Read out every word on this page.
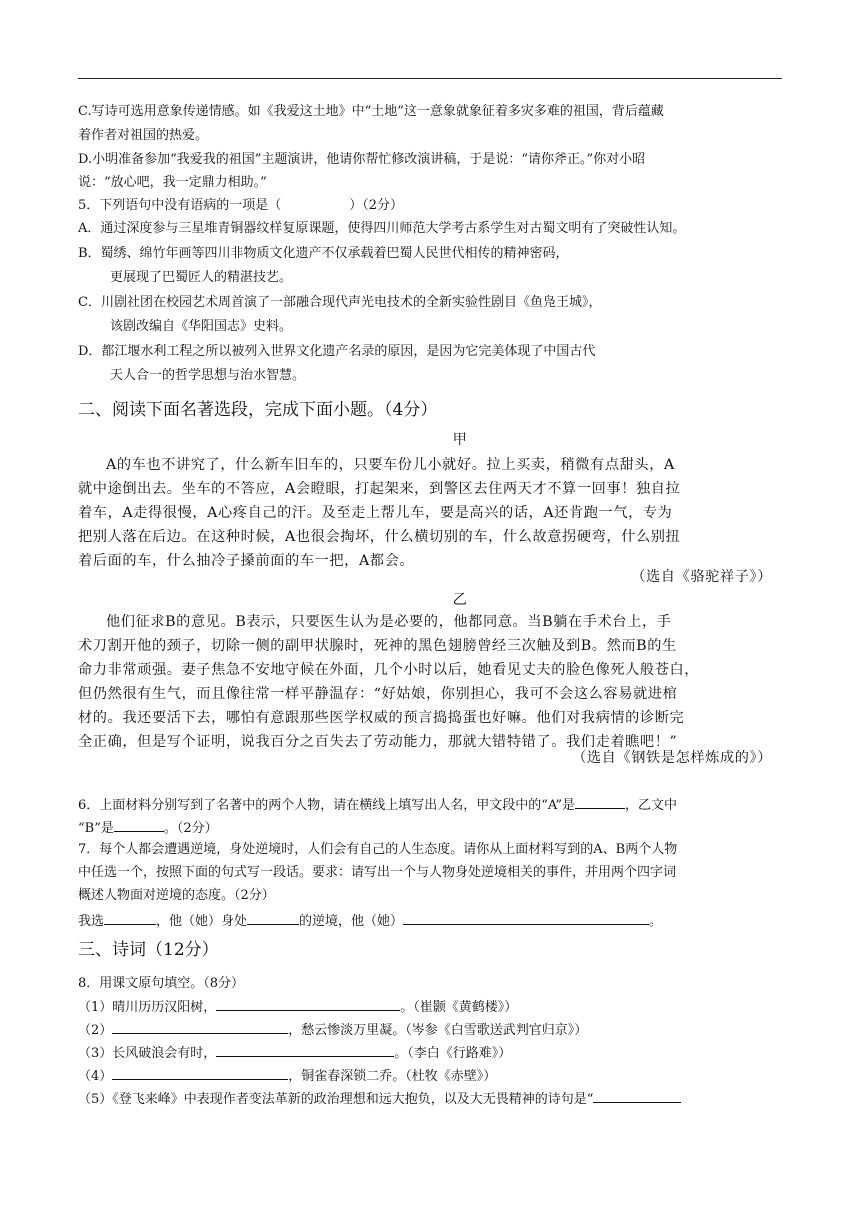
C.写诗可选用意象传递情感。如《我爱这土地》中“土地”这一意象就象征着多灾多难的祖国，背后蕴藏
着作者对祖国的热爱。
D.小明准备参加“我爱我的祖国”主题演讲，他请你帮忙修改演讲稿，于是说：“请你斧正。”你对小昭
说：“放心吧，我一定鼎力相助。”
5．下列语句中没有语病的一项是（	）（2分）
A．通过深度参与三星堆青铜器纹样复原课题，使得四川师范大学考古系学生对古蜀文明有了突破性认知。
B．蜀绣、绵竹年画等四川非物质文化遗产不仅承载着巴蜀人民世代相传的精神密码，
更展现了巴蜀匠人的精湛技艺。
C．川剧社团在校园艺术周首演了一部融合现代声光电技术的全新实验性剧目《鱼凫王城》，
该剧改编自《华阳国志》史料。
D．都江堰水利工程之所以被列入世界文化遗产名录的原因，是因为它完美体现了中国古代
天人合一的哲学思想与治水智慧。
二、阅读下面名著选段，完成下面小题。（4分）
甲
A的车也不讲究了，什么新车旧车的，只要车份儿小就好。拉上买卖，稍微有点甜头，A
就中途倒出去。坐车的不答应，A会瞪眼，打起架来，到警区去住两天才不算一回事！独自拉
着车，A走得很慢，A心疼自己的汗。及至走上帮儿车，要是高兴的话，A还肯跑一气，专为
把别人落在后边。在这种时候，A也很会掏坏，什么横切别的车，什么故意拐硬弯，什么别扭
着后面的车，什么抽冷子搡前面的车一把，A都会。
（选自《骆驼祥子》）
乙
他们征求B的意见。B表示，只要医生认为是必要的，他都同意。当B躺在手术台上，手
术刀割开他的颈子，切除一侧的副甲状腺时，死神的黑色翅膀曾经三次触及到B。然而B的生
命力非常顽强。妻子焦急不安地守候在外面，几个小时以后，她看见丈夫的脸色像死人般苍白，
但仍然很有生气，而且像往常一样平静温存：“好姑娘，你别担心，我可不会这么容易就进棺
材的。我还要活下去，哪怕有意跟那些医学权威的预言捣捣蛋也好嘛。他们对我病情的诊断完
全正确，但是写个证明，说我百分之百失去了劳动能力，那就大错特错了。我们走着瞧吧！”
（选自《钢铁是怎样炼成的》）
6．上面材料分别写到了名著中的两个人物，请在横线上填写出人名，甲文段中的“A”是	，乙文中
“B”是	。（2分）
7．每个人都会遭遇逆境，身处逆境时，人们会有自己的人生态度。请你从上面材料写到的A、B两个人物
中任选一个，按照下面的句式写一段话。要求：请写出一个与人物身处逆境相关的事件，并用两个四字词
概述人物面对逆境的态度。（2分）
我选	，他（她）身处	的逆境，他（她）	。
三、诗词（12分）
8．用课文原句填空。（8分）
（1）晴川历历汉阳树，	。（崔颢《黄鹤楼》）
（2）	，愁云惨淡万里凝。（岑参《白雪歌送武判官归京》）
（3）长风破浪会有时，	。（李白《行路难》）
（4）	，铜雀春深锁二乔。（杜牧《赤壁》）
（5）《登飞来峰》中表现作者变法革新的政治理想和远大抱负，以及大无畏精神的诗句是“
